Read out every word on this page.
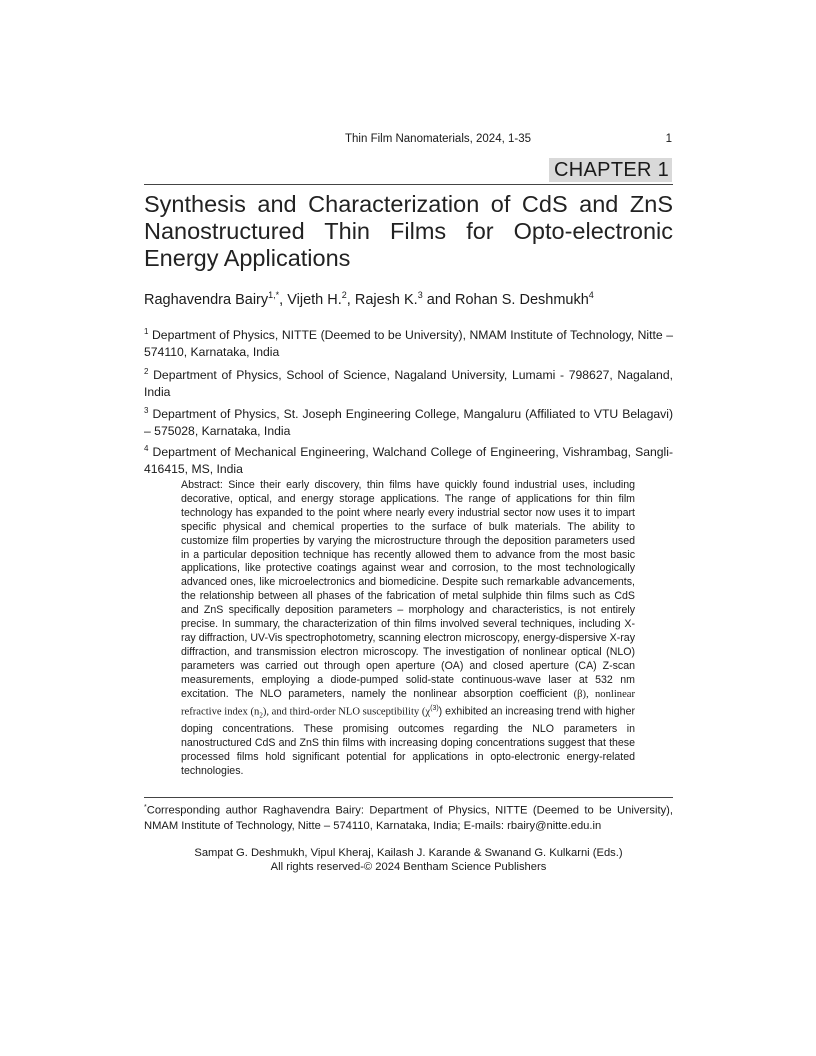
Thin Film Nanomaterials, 2024, 1-35	1
CHAPTER 1
Synthesis and Characterization of CdS and ZnS Nanostructured Thin Films for Opto-electronic Energy Applications
Raghavendra Bairy$^{1,*}$, Vijeth H.$^2$, Rajesh K.$^3$ and Rohan S. Deshmukh$^4$
$^1$ Department of Physics, NITTE (Deemed to be University), NMAM Institute of Technology, Nitte – 574110, Karnataka, India
$^2$ Department of Physics, School of Science, Nagaland University, Lumami - 798627, Nagaland, India
$^3$ Department of Physics, St. Joseph Engineering College, Mangaluru (Affiliated to VTU Belagavi) – 575028, Karnataka, India
$^4$ Department of Mechanical Engineering, Walchand College of Engineering, Vishrambag, Sangli-416415, MS, India
Abstract: Since their early discovery, thin films have quickly found industrial uses, including decorative, optical, and energy storage applications. The range of applications for thin film technology has expanded to the point where nearly every industrial sector now uses it to impart specific physical and chemical properties to the surface of bulk materials. The ability to customize film properties by varying the microstructure through the deposition parameters used in a particular deposition technique has recently allowed them to advance from the most basic applications, like protective coatings against wear and corrosion, to the most technologically advanced ones, like microelectronics and biomedicine. Despite such remarkable advancements, the relationship between all phases of the fabrication of metal sulphide thin films such as CdS and ZnS specifically deposition parameters – morphology and characteristics, is not entirely precise. In summary, the characterization of thin films involved several techniques, including X-ray diffraction, UV-Vis spectrophotometry, scanning electron microscopy, energy-dispersive X-ray diffraction, and transmission electron microscopy. The investigation of nonlinear optical (NLO) parameters was carried out through open aperture (OA) and closed aperture (CA) Z-scan measurements, employing a diode-pumped solid-state continuous-wave laser at 532 nm excitation. The NLO parameters, namely the nonlinear absorption coefficient (β), nonlinear refractive index $(n_2)$, and third-order NLO susceptibility $(\chi^{(3)})$ exhibited an increasing trend with higher doping concentrations. These promising outcomes regarding the NLO parameters in nanostructured CdS and ZnS thin films with increasing doping concentrations suggest that these processed films hold significant potential for applications in opto-electronic energy-related technologies.
*Corresponding author Raghavendra Bairy: Department of Physics, NITTE (Deemed to be University), NMAM Institute of Technology, Nitte – 574110, Karnataka, India; E-mails: rbairy@nitte.edu.in
Sampat G. Deshmukh, Vipul Kheraj, Kailash J. Karande & Swanand G. Kulkarni (Eds.)
All rights reserved-© 2024 Bentham Science Publishers
